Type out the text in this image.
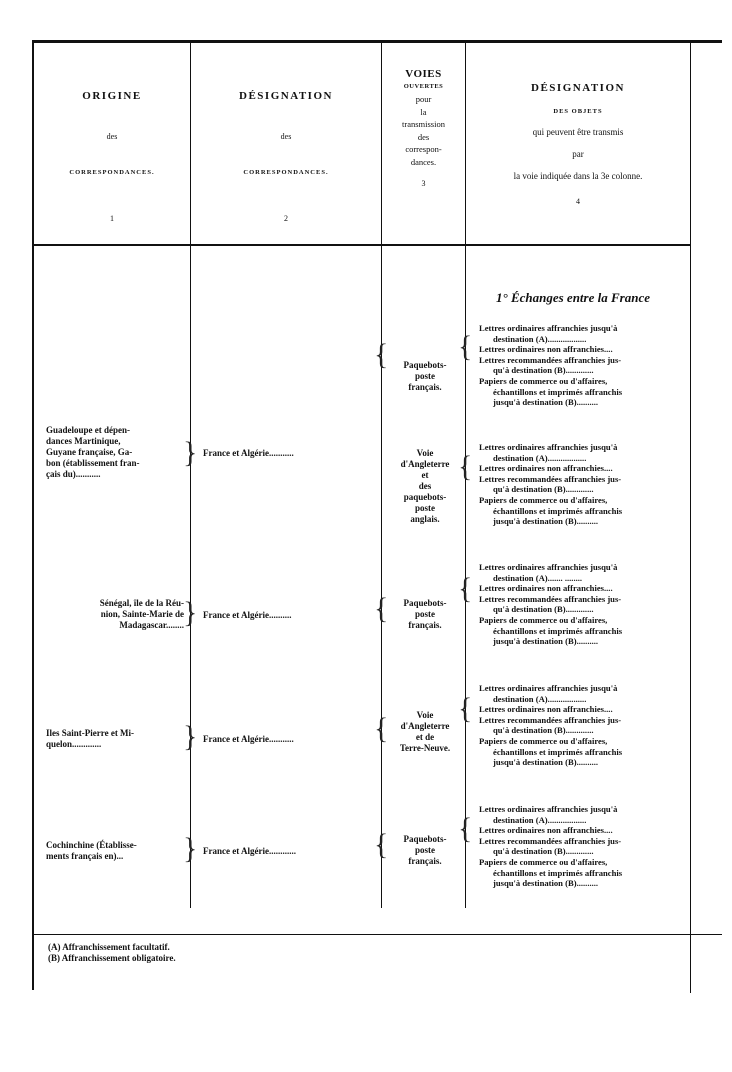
ORIGINE
des
CORRESPONDANCES.
1
DÉSIGNATION
des
CORRESPONDANCES.
2
VOIES
OUVERTES
pour
la
transmission
des
correspon-
dances.
3
DÉSIGNATION
DES OBJETS
qui peuvent être transmis
par
la voie indiquée dans la 3e colonne.
4
1° Échanges entre la France
Guadeloupe et dépen-
dances Martinique,
Guyane française, Ga-
bon (établissement fran-
çais du)...........
} France et Algérie...........
Paquebots-
poste
français.
Lettres ordinaires affranchies jusqu'à
destination (A)..................
Lettres ordinaires non affranchies....
Lettres recommandées affranchies jus-
qu'à destination (B).............
Papiers de commerce ou d'affaires,
échantillons et imprimés affranchis
jusqu'à destination (B)..........
Voie
d'Angleterre
et
des
paquebots-
poste
anglais.
Lettres ordinaires affranchies jusqu'à
destination (A)..................
Lettres ordinaires non affranchies....
Lettres recommandées affranchies jus-
qu'à destination (B).............
Papiers de commerce ou d'affaires,
échantillons et imprimés affranchis
jusqu'à destination (B)..........
Sénégal, île de la Réu-
nion, Sainte-Marie de
Madagascar........ } France et Algérie..........
Paquebots-
poste
français.
Lettres ordinaires affranchies jusqu'à
destination (A)....... ........
Lettres ordinaires non affranchies....
Lettres recommandées affranchies jus-
qu'à destination (B).............
Papiers de commerce ou d'affaires,
échantillons et imprimés affranchis
jusqu'à destination (B)..........
Iles Saint-Pierre et Mi-
quelon.............	} France et Algérie...........
Voie
d'Angleterre
et de
Terre-Neuve.
Lettres ordinaires affranchies jusqu'à
destination (A)..................
Lettres ordinaires non affranchies....
Lettres recommandées affranchies jus-
qu'à destination (B).............
Papiers de commerce ou d'affaires,
échantillons et imprimés affranchis
jusqu'à destination (B)..........
Cochinchine (Établisse-
ments français en)...	} France et Algérie............
Paquebots-
poste
français.
Lettres ordinaires affranchies jusqu'à
destination (A)..................
Lettres ordinaires non affranchies....
Lettres recommandées affranchies jus-
qu'à destination (B).............
Papiers de commerce ou d'affaires,
échantillons et imprimés affranchis
jusqu'à destination (B)..........
{ {
{
{
{
{
{
{ {
(A) Affranchissement facultatif.
(B) Affranchissement obligatoire.
